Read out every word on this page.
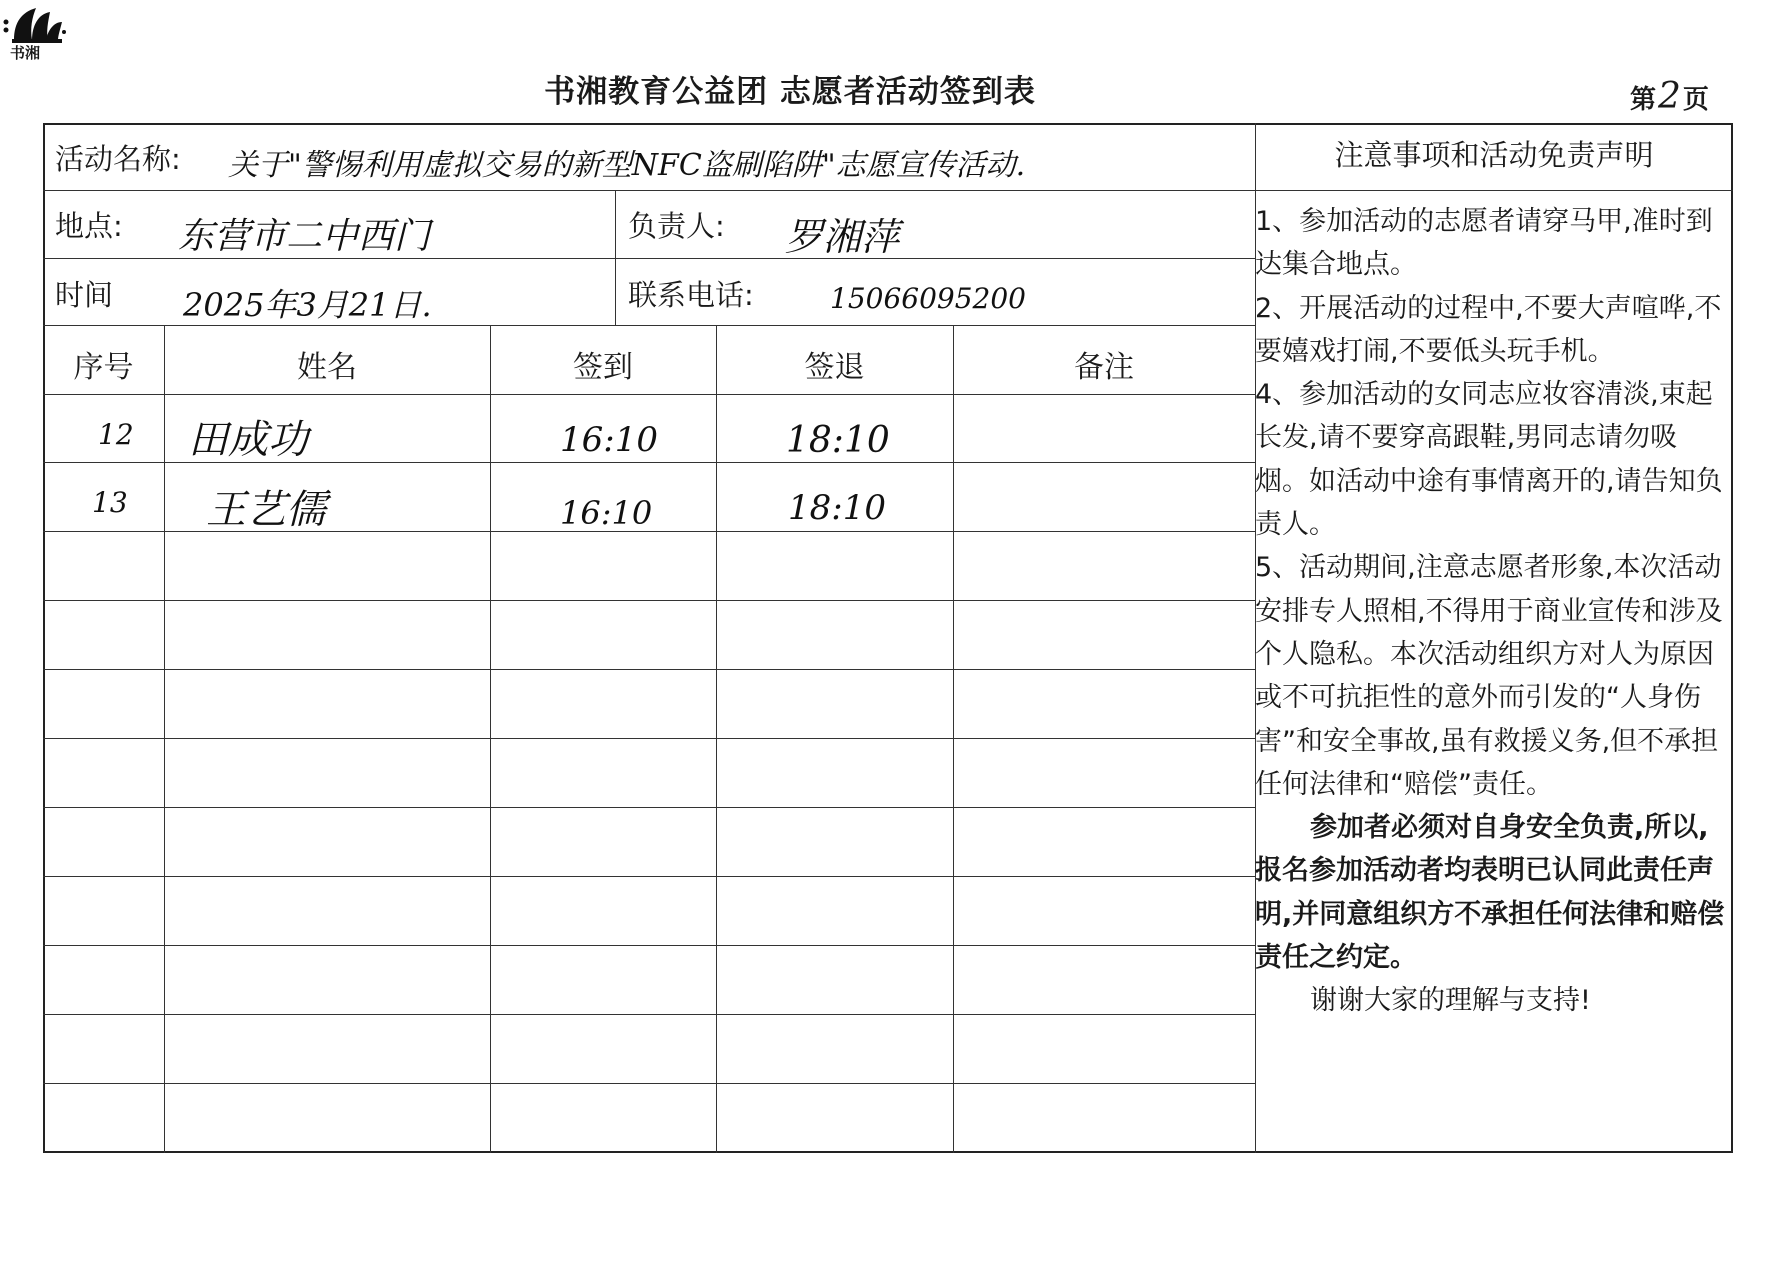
书湘
书湘教育公益团 志愿者活动签到表	第2页
活动名称: 关于"警惕利用虚拟交易的新型NFC盗刷陷阱"志愿宣传活动.
地点: 东营市二中西门	负责人: 罗湘萍
时间 2025年3月21日.	联系电话:	15066095200
序号	姓名	签到	签退	备注
12 田成功	16:10	18:10
13 王艺儒	16:10	18:10
注意事项和活动免责声明

1、参加活动的志愿者请穿马甲,准时到达集合地点。

2、开展活动的过程中,不要大声喧哗,不要嬉戏打闹,不要低头玩手机。

4、参加活动的女同志应妆容清淡,束起长发,请不要穿高跟鞋,男同志请勿吸烟。如活动中途有事情离开的,请告知负责人。

5、活动期间,注意志愿者形象,本次活动安排专人照相,不得用于商业宣传和涉及个人隐私。本次活动组织方对人为原因或不可抗拒性的意外而引发的“人身伤害”和安全事故,虽有救援义务,但不承担任何法律和“赔偿”责任。

参加者必须对自身安全负责,所以,报名参加活动者均表明已认同此责任声明,并同意组织方不承担任何法律和赔偿责任之约定。

谢谢大家的理解与支持!
